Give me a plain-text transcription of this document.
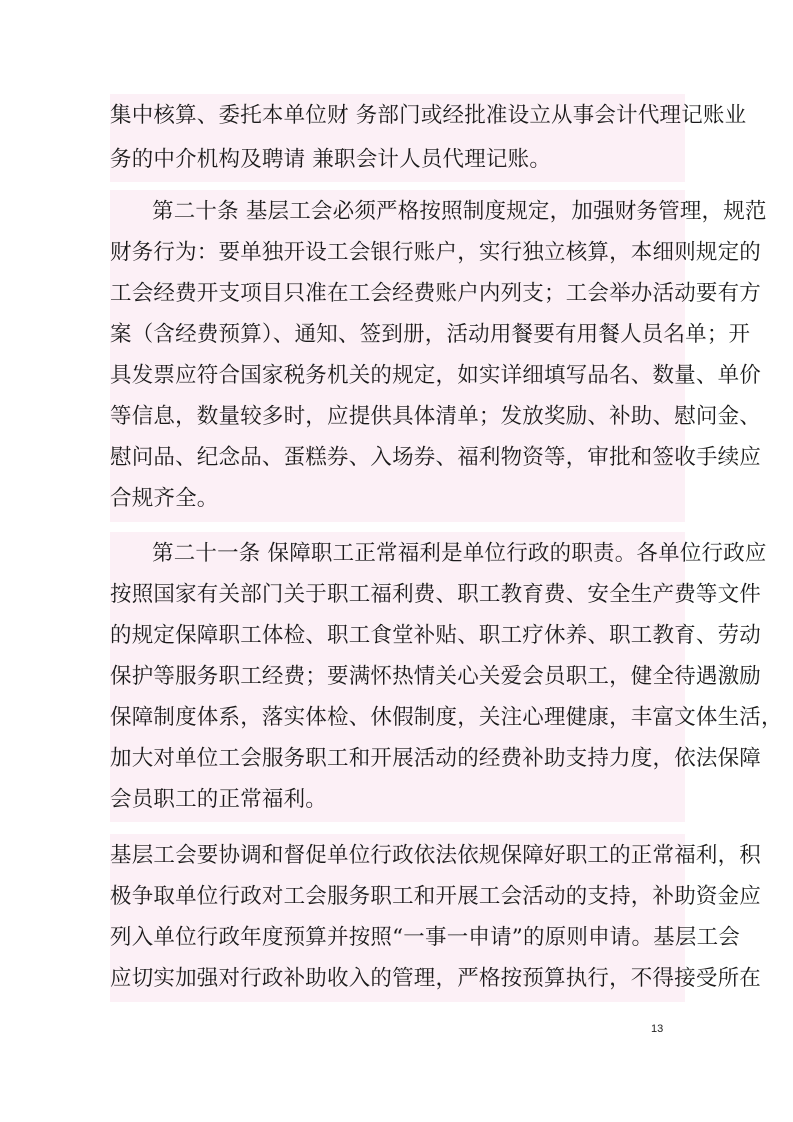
集中核算、委托本单位财 务部门或经批准设立从事会计代理记账业
务的中介机构及聘请 兼职会计人员代理记账。
第二十条 基层工会必须严格按照制度规定，加强财务管理，规范
财务行为：要单独开设工会银行账户，实行独立核算，本细则规定的
工会经费开支项目只准在工会经费账户内列支；工会举办活动要有方
案（含经费预算）、通知、签到册，活动用餐要有用餐人员名单；开
具发票应符合国家税务机关的规定，如实详细填写品名、数量、单价
等信息，数量较多时，应提供具体清单；发放奖励、补助、慰问金、
慰问品、纪念品、蛋糕券、入场券、福利物资等，审批和签收手续应
合规齐全。
第二十一条 保障职工正常福利是单位行政的职责。各单位行政应
按照国家有关部门关于职工福利费、职工教育费、安全生产费等文件
的规定保障职工体检、职工食堂补贴、职工疗休养、职工教育、劳动
保护等服务职工经费；要满怀热情关心关爱会员职工，健全待遇激励
保障制度体系，落实体检、休假制度，关注心理健康，丰富文体生活，
加大对单位工会服务职工和开展活动的经费补助支持力度，依法保障
会员职工的正常福利。
基层工会要协调和督促单位行政依法依规保障好职工的正常福利，积
极争取单位行政对工会服务职工和开展工会活动的支持，补助资金应
列入单位行政年度预算并按照“一事一申请”的原则申请。基层工会
应切实加强对行政补助收入的管理，严格按预算执行，不得接受所在
13
